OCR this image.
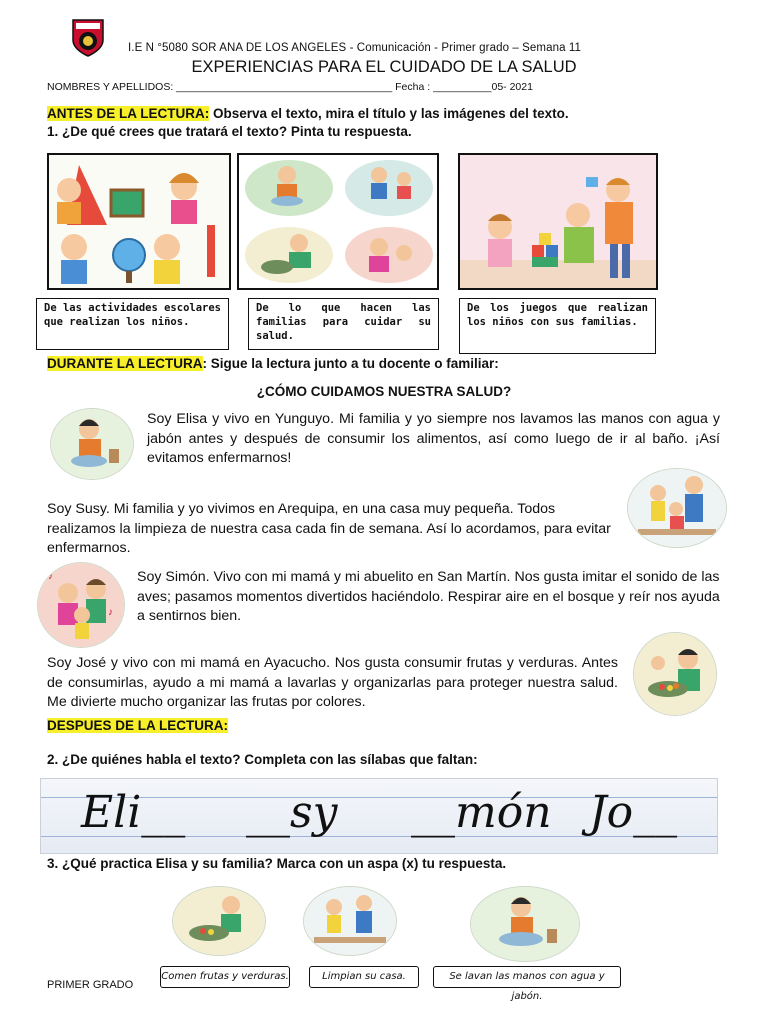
I.E N °5080 SOR ANA DE LOS ANGELES - Comunicación - Primer grado – Semana 11
EXPERIENCIAS PARA EL CUIDADO DE LA SALUD
NOMBRES Y APELLIDOS: _____________________________________ Fecha : __________05- 2021
ANTES DE LA LECTURA: Observa el texto, mira el título y las imágenes del texto.
1. ¿De qué crees que tratará el texto? Pinta tu respuesta.
De las actividades escolares que realizan los niños.
De lo que hacen las familias para cuidar su salud.
De los juegos que realizan los niños con sus familias.
DURANTE LA LECTURA: Sigue la lectura junto a tu docente o familiar:
¿CÓMO CUIDAMOS NUESTRA SALUD?
Soy Elisa y vivo en Yunguyo. Mi familia y yo siempre nos lavamos las manos con agua y jabón antes y después de consumir los alimentos, así como luego de ir al baño. ¡Así evitamos enfermarnos!
Soy Susy. Mi familia y yo vivimos en Arequipa, en una casa muy pequeña. Todos realizamos la limpieza de nuestra casa cada fin de semana. Así lo acordamos, para evitar enfermarnos.
♪
♪
Soy Simón. Vivo con mi mamá y mi abuelito en San Martín. Nos gusta imitar el sonido de las aves; pasamos momentos divertidos haciéndolo. Respirar aire en el bosque y reír nos ayuda a sentirnos bien.
Soy José y vivo con mi mamá en Ayacucho. Nos gusta consumir frutas y verduras. Antes de consumirlas, ayudo a mi mamá a lavarlas y organizarlas para proteger nuestra salud. Me divierte mucho organizar las frutas por colores.
DESPUES DE LA LECTURA:
2. ¿De quiénes habla el texto? Completa con las sílabas que faltan:
Eli__ __sy __món Jo__
3. ¿Qué practica Elisa y su familia? Marca con un aspa (x) tu respuesta.
Comen frutas y verduras.	Limpian su casa.	Se lavan las manos con agua y jabón.
PRIMER GRADO
